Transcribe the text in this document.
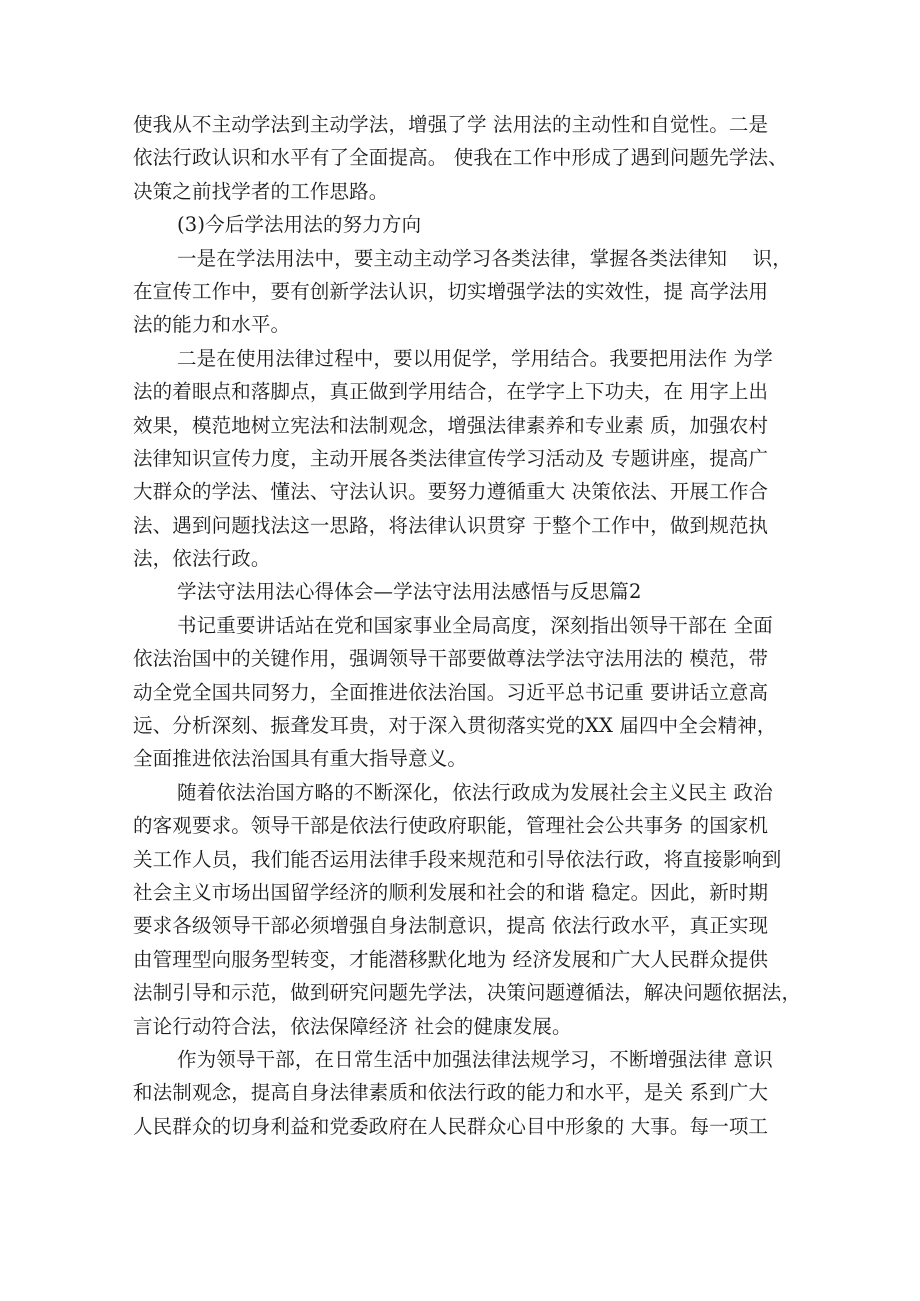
使我从不主动学法到主动学法，增强了学 法用法的主动性和自觉性。二是
依法行政认识和水平有了全面提高。 使我在工作中形成了遇到问题先学法、
决策之前找学者的工作思路。
(3)今后学法用法的努力方向
一是在学法用法中，要主动主动学习各类法律，掌握各类法律知    识，
在宣传工作中，要有创新学法认识，切实增强学法的实效性，提 高学法用
法的能力和水平。
二是在使用法律过程中，要以用促学，学用结合。我要把用法作 为学
法的着眼点和落脚点，真正做到学用结合，在学字上下功夫，在 用字上出
效果，模范地树立宪法和法制观念，增强法律素养和专业素 质，加强农村
法律知识宣传力度，主动开展各类法律宣传学习活动及 专题讲座，提高广
大群众的学法、懂法、守法认识。要努力遵循重大 决策依法、开展工作合
法、遇到问题找法这一思路，将法律认识贯穿 于整个工作中，做到规范执
法，依法行政。
学法守法用法心得体会—学法守法用法感悟与反思篇2
书记重要讲话站在党和国家事业全局高度，深刻指出领导干部在 全面
依法治国中的关键作用，强调领导干部要做尊法学法守法用法的 模范，带
动全党全国共同努力，全面推进依法治国。习近平总书记重 要讲话立意高
远、分析深刻、振聋发耳贵，对于深入贯彻落实党的XX 届四中全会精神，
全面推进依法治国具有重大指导意义。
随着依法治国方略的不断深化，依法行政成为发展社会主义民主 政治
的客观要求。领导干部是依法行使政府职能，管理社会公共事务 的国家机
关工作人员，我们能否运用法律手段来规范和引导依法行政，将直接影响到
社会主义市场出国留学经济的顺利发展和社会的和谐 稳定。因此，新时期
要求各级领导干部必须增强自身法制意识，提高 依法行政水平，真正实现
由管理型向服务型转变，才能潜移默化地为 经济发展和广大人民群众提供
法制引导和示范，做到研究问题先学法，决策问题遵循法，解决问题依据法，
言论行动符合法，依法保障经济 社会的健康发展。
作为领导干部，在日常生活中加强法律法规学习，不断增强法律 意识
和法制观念，提高自身法律素质和依法行政的能力和水平，是关 系到广大
人民群众的切身利益和党委政府在人民群众心目中形象的 大事。每一项工
